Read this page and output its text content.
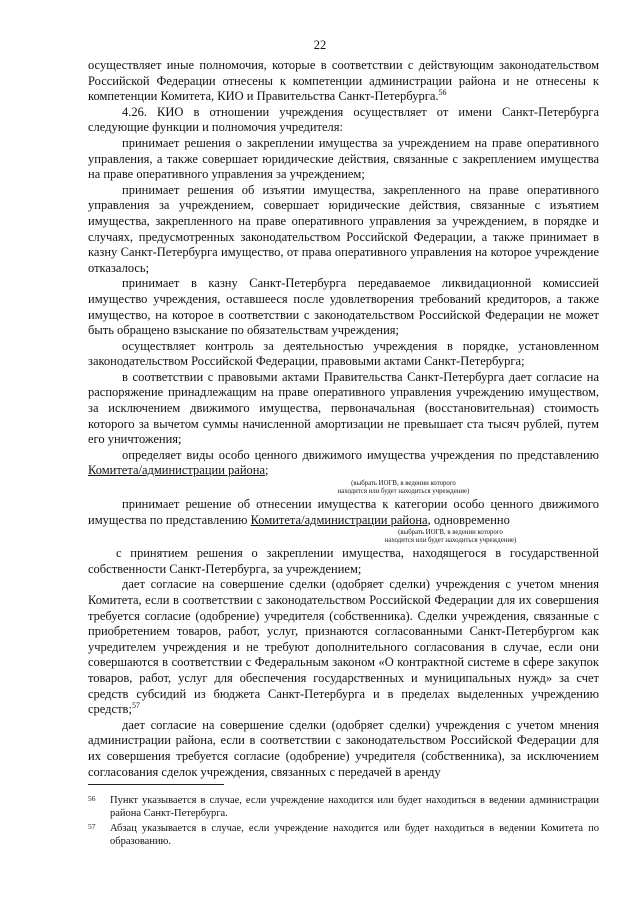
22

осуществляет иные полномочия, которые в соответствии с действующим законодательством Российской Федерации отнесены к компетенции администрации района и не отнесены к компетенции Комитета, КИО и Правительства Санкт-Петербурга.$^{56}$

4.26. КИО в отношении учреждения осуществляет от имени Санкт-Петербурга следующие функции и полномочия учредителя:

принимает решения о закреплении имущества за учреждением на праве оперативного управления, а также совершает юридические действия, связанные с закреплением имущества на праве оперативного управления за учреждением;

принимает решения об изъятии имущества, закрепленного на праве оперативного управления за учреждением, совершает юридические действия, связанные с изъятием имущества, закрепленного на праве оперативного управления за учреждением, в порядке и случаях, предусмотренных законодательством Российской Федерации, а также принимает в казну Санкт-Петербурга имущество, от права оперативного управления на которое учреждение отказалось;

принимает в казну Санкт-Петербурга передаваемое ликвидационной комиссией имущество учреждения, оставшееся после удовлетворения требований кредиторов, а также имущество, на которое в соответствии с законодательством Российской Федерации не может быть обращено взыскание по обязательствам учреждения;

осуществляет контроль за деятельностью учреждения в порядке, установленном законодательством Российской Федерации, правовыми актами Санкт-Петербурга;

в соответствии с правовыми актами Правительства Санкт-Петербурга дает согласие на распоряжение принадлежащим на праве оперативного управления учреждению имуществом, за исключением движимого имущества, первоначальная (восстановительная) стоимость которого за вычетом суммы начисленной амортизации не превышает ста тысяч рублей, путем его уничтожения;

определяет виды особо ценного движимого имущества учреждения по представлению Комитета/администрации района;

(выбрать ИОГВ, в ведении которого
находится или будет находиться учреждение)

принимает решение об отнесении имущества к категории особо ценного движимого имущества по представлению Комитета/администрации района, одновременно

(выбрать ИОГВ, в ведении которого
находится или будет находиться учреждение)

с принятием решения о закреплении имущества, находящегося в государственной собственности Санкт-Петербурга, за учреждением;

дает согласие на совершение сделки (одобряет сделки) учреждения с учетом мнения Комитета, если в соответствии с законодательством Российской Федерации для их совершения требуется согласие (одобрение) учредителя (собственника). Сделки учреждения, связанные с приобретением товаров, работ, услуг, признаются согласованными Санкт-Петербургом как учредителем учреждения и не требуют дополнительного согласования в случае, если они совершаются в соответствии с Федеральным законом «О контрактной системе в сфере закупок товаров, работ, услуг для обеспечения государственных и муниципальных нужд» за счет средств субсидий из бюджета Санкт-Петербурга и в пределах выделенных учреждению средств;$^{57}$

дает согласие на совершение сделки (одобряет сделки) учреждения с учетом мнения администрации района, если в соответствии с законодательством Российской Федерации для их совершения требуется согласие (одобрение) учредителя (собственника), за исключением согласования сделок учреждения, связанных с передачей в аренду

56 Пункт указывается в случае, если учреждение находится или будет находиться в ведении администрации района Санкт-Петербурга.
57 Абзац указывается в случае, если учреждение находится или будет находиться в ведении Комитета по образованию.
